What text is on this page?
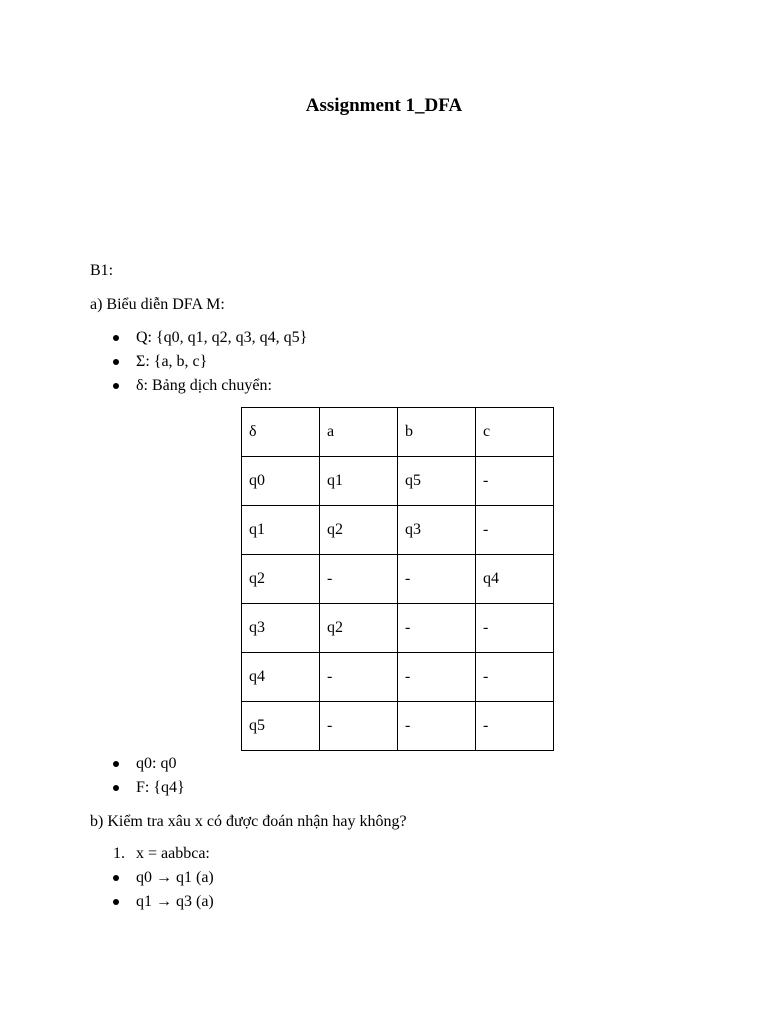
Assignment 1_DFA

B1:

a) Biểu diễn DFA M:

Q: {q0, q1, q2, q3, q4, q5}
Σ: {a, b, c}
δ: Bảng dịch chuyển:
δ	a	b	c
q0	q1	q5	-
q1	q2	q3	-
q2	-	-	q4
q3	q2	-	-
q4	-	-	-
q5	-	-	-
q0: q0
F: {q4}

b) Kiểm tra xâu x có được đoán nhận hay không?

1. x = aabbca:
q0 → q1 (a)
q1 → q3 (a)
